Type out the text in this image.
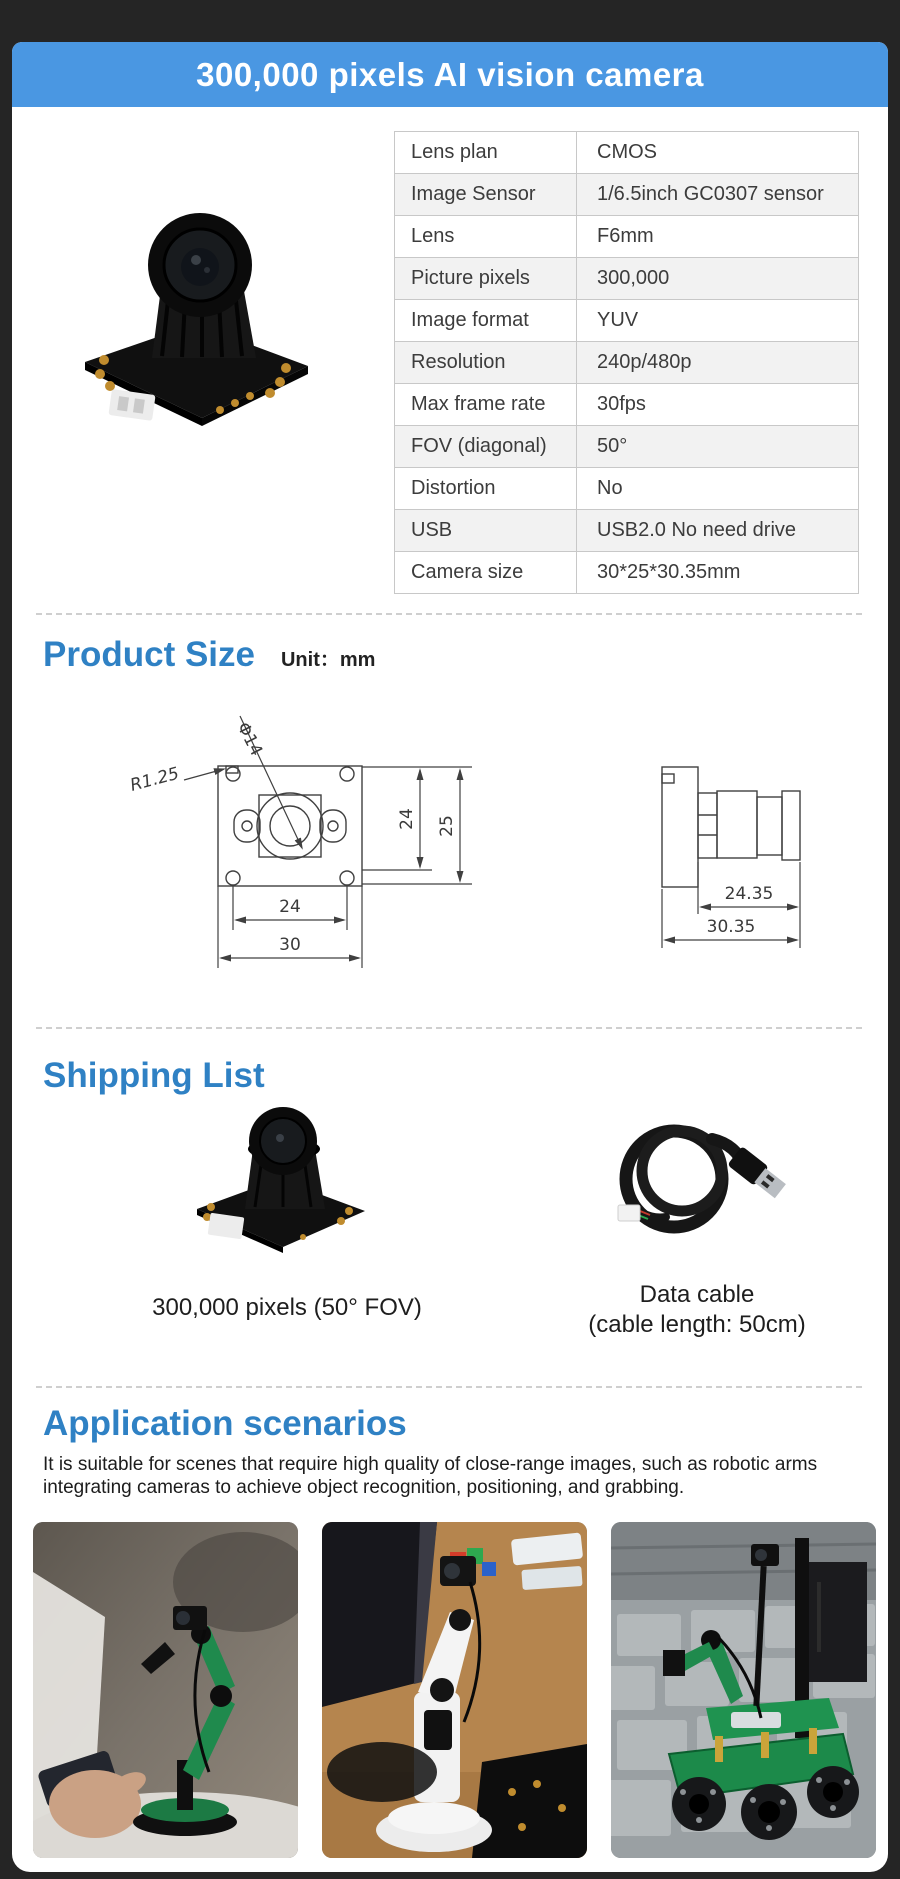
300,000 pixels AI vision camera
Lens plan	CMOS
Image Sensor	1/6.5inch GC0307 sensor
Lens	F6mm
Picture pixels	300,000
Image format	YUV
Resolution	240p/480p
Max frame rate	30fps
FOV (diagonal)	50°
Distortion	No
USB	USB2.0 No need drive
Camera size	30*25*30.35mm
Product Size Unit：mm
Φ14
R1.25
24 25
24
30
24.35
30.35
Shipping List
300,000 pixels (50° FOV)	Data cable
(cable length: 50cm)
Application scenarios
It is suitable for scenes that require high quality of close-range images, such as robotic arms integrating cameras to achieve object recognition, positioning, and grabbing.
